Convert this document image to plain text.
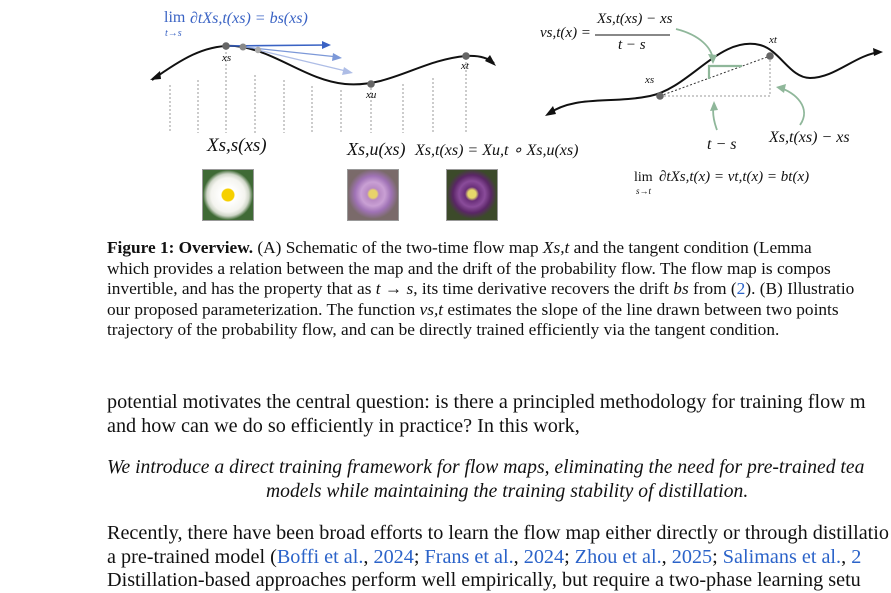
lim
t→s
∂tXs,t(xs) = bs(xs)
xs
xu
xt
Xs,s(xs)	Xs,u(xs) Xs,t(xs) = Xu,t ∘ Xs,u(xs)
vs,t(x) =
Xs,t(xs) − xs
t − s
xs
xt
t − s Xs,t(xs) − xs
lim
s→t
∂tXs,t(x) = vt,t(x) = bt(x)
Figure 1: Overview. (A) Schematic of the two-time flow map Xs,t and the tangent condition (Lemma
which provides a relation between the map and the drift of the probability flow. The flow map is compos
invertible, and has the property that as t → s, its time derivative recovers the drift bs from (2). (B) Illustratio
our proposed parameterization. The function vs,t estimates the slope of the line drawn between two points
trajectory of the probability flow, and can be directly trained efficiently via the tangent condition.
potential motivates the central question: is there a principled methodology for training flow m
and how can we do so efficiently in practice? In this work,
We introduce a direct training framework for flow maps, eliminating the need for pre-trained tea
models while maintaining the training stability of distillation.
Recently, there have been broad efforts to learn the flow map either directly or through distillatio
a pre-trained model (Boffi et al., 2024; Frans et al., 2024; Zhou et al., 2025; Salimans et al., 2
Distillation-based approaches perform well empirically, but require a two-phase learning setu
